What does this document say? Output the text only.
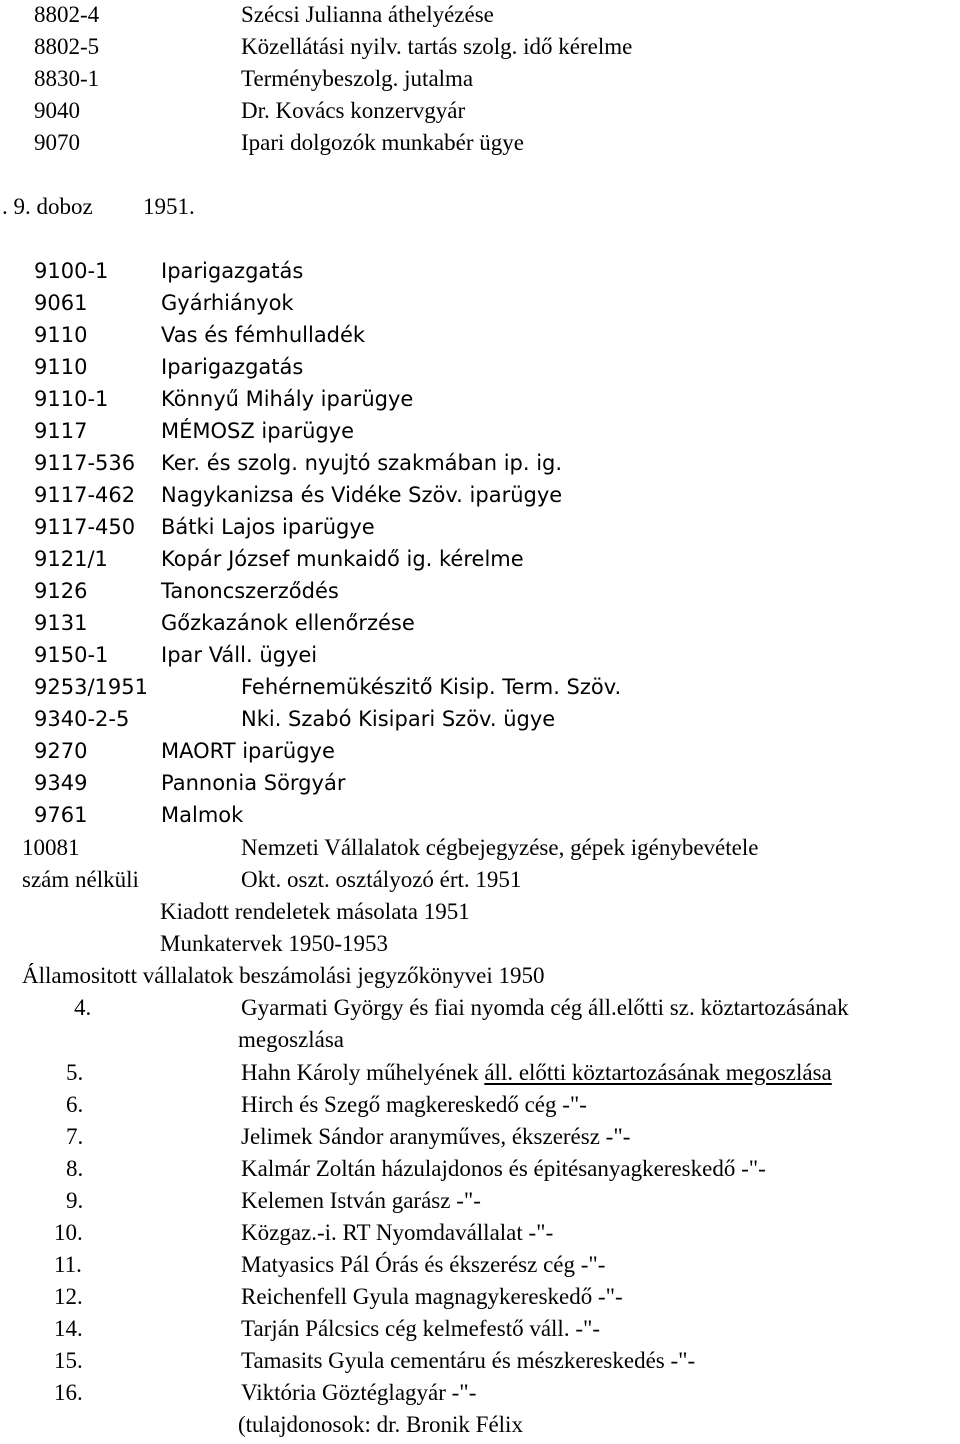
8802-4	Szécsi Julianna áthelyézése
8802-5	Közellátási nyilv. tartás szolg. idő kérelme
8830-1	Terménybeszolg. jutalma
9040	Dr. Kovács konzervgyár
9070	Ipari dolgozók munkabér ügye
. 9. doboz 1951.
9100-1	Iparigazgatás
9061	Gyárhiányok
9110	Vas és fémhulladék
9110	Iparigazgatás
9110-1	Könnyű Mihály iparügye
9117	MÉMOSZ iparügye
9117-536 Ker. és szolg. nyujtó szakmában ip. ig.
9117-462 Nagykanizsa és Vidéke Szöv. iparügye
9117-450 Bátki Lajos iparügye
9121/1	Kopár József munkaidő ig. kérelme
9126	Tanoncszerződés
9131	Gőzkazánok ellenőrzése
9150-1	Ipar Váll. ügyei
9253/1951	Fehérnemükészitő Kisip. Term. Szöv.
9340-2-5	Nki. Szabó Kisipari Szöv. ügye
9270	MAORT iparügye
9349	Pannonia Sörgyár
9761	Malmok
10081	Nemzeti Vállalatok cégbejegyzése, gépek igénybevétele
szám nélküli	Okt. oszt. osztályozó ért. 1951
Kiadott rendeletek másolata 1951
Munkatervek 1950-1953
Államositott vállalatok beszámolási jegyzőkönyvei 1950
4.	Gyarmati György és fiai nyomda cég áll.előtti sz. köztartozásának
megoszlása
5.	Hahn Károly műhelyének áll. előtti köztartozásának megoszlása
6.	Hirch és Szegő magkereskedő cég -"-
7.	Jelimek Sándor aranyműves, ékszerész -"-
8.	Kalmár Zoltán házulajdonos és épitésanyagkereskedő -"-
9.	Kelemen István garász -"-
10.	Közgaz.-i. RT Nyomdavállalat -"-
11.	Matyasics Pál Órás és ékszerész cég -"-
12.	Reichenfell Gyula magnagykereskedő -"-
14.	Tarján Pálcsics cég kelmefestő váll. -"-
15.	Tamasits Gyula cementáru és mészkereskedés -"-
16.	Viktória Göztéglagyár -"-
(tulajdonosok: dr. Bronik Félix
